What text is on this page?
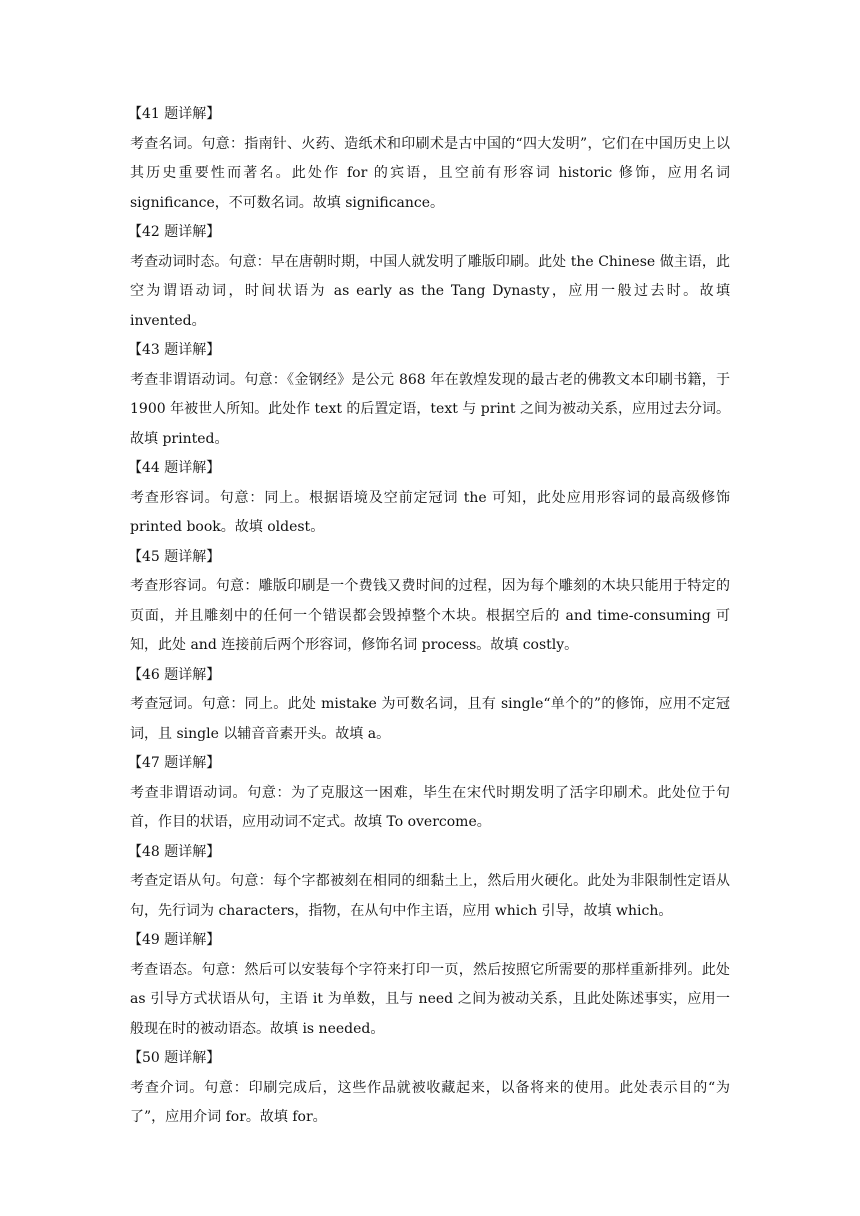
【41 题详解】

考查名词。句意：指南针、火药、造纸术和印刷术是古中国的“四大发明”，它们在中国历史上以其历史重要性而著名。此处作 for 的宾语，且空前有形容词 historic 修饰，应用名词 significance，不可数名词。故填 significance。

【42 题详解】

考查动词时态。句意：早在唐朝时期，中国人就发明了雕版印刷。此处 the Chinese 做主语，此空为谓语动词，时间状语为 as early as the Tang Dynasty，应用一般过去时。故填 invented。

【43 题详解】

考查非谓语动词。句意：《金钢经》是公元 868 年在敦煌发现的最古老的佛教文本印刷书籍，于 1900 年被世人所知。此处作 text 的后置定语，text 与 print 之间为被动关系，应用过去分词。故填 printed。

【44 题详解】

考查形容词。句意：同上。根据语境及空前定冠词 the 可知，此处应用形容词的最高级修饰 printed book。故填 oldest。

【45 题详解】

考查形容词。句意：雕版印刷是一个费钱又费时间的过程，因为每个雕刻的木块只能用于特定的页面，并且雕刻中的任何一个错误都会毁掉整个木块。根据空后的 and time-consuming 可知，此处 and 连接前后两个形容词，修饰名词 process。故填 costly。

【46 题详解】

考查冠词。句意：同上。此处 mistake 为可数名词，且有 single“单个的”的修饰，应用不定冠词，且 single 以辅音音素开头。故填 a。

【47 题详解】

考查非谓语动词。句意：为了克服这一困难，毕生在宋代时期发明了活字印刷术。此处位于句首，作目的状语，应用动词不定式。故填 To overcome。

【48 题详解】

考查定语从句。句意：每个字都被刻在相同的细黏土上，然后用火硬化。此处为非限制性定语从句，先行词为 characters，指物，在从句中作主语，应用 which 引导，故填 which。

【49 题详解】

考查语态。句意：然后可以安装每个字符来打印一页，然后按照它所需要的那样重新排列。此处 as 引导方式状语从句，主语 it 为单数，且与 need 之间为被动关系，且此处陈述事实，应用一般现在时的被动语态。故填 is needed。

【50 题详解】

考查介词。句意：印刷完成后，这些作品就被收藏起来，以备将来的使用。此处表示目的“为了”，应用介词 for。故填 for。
